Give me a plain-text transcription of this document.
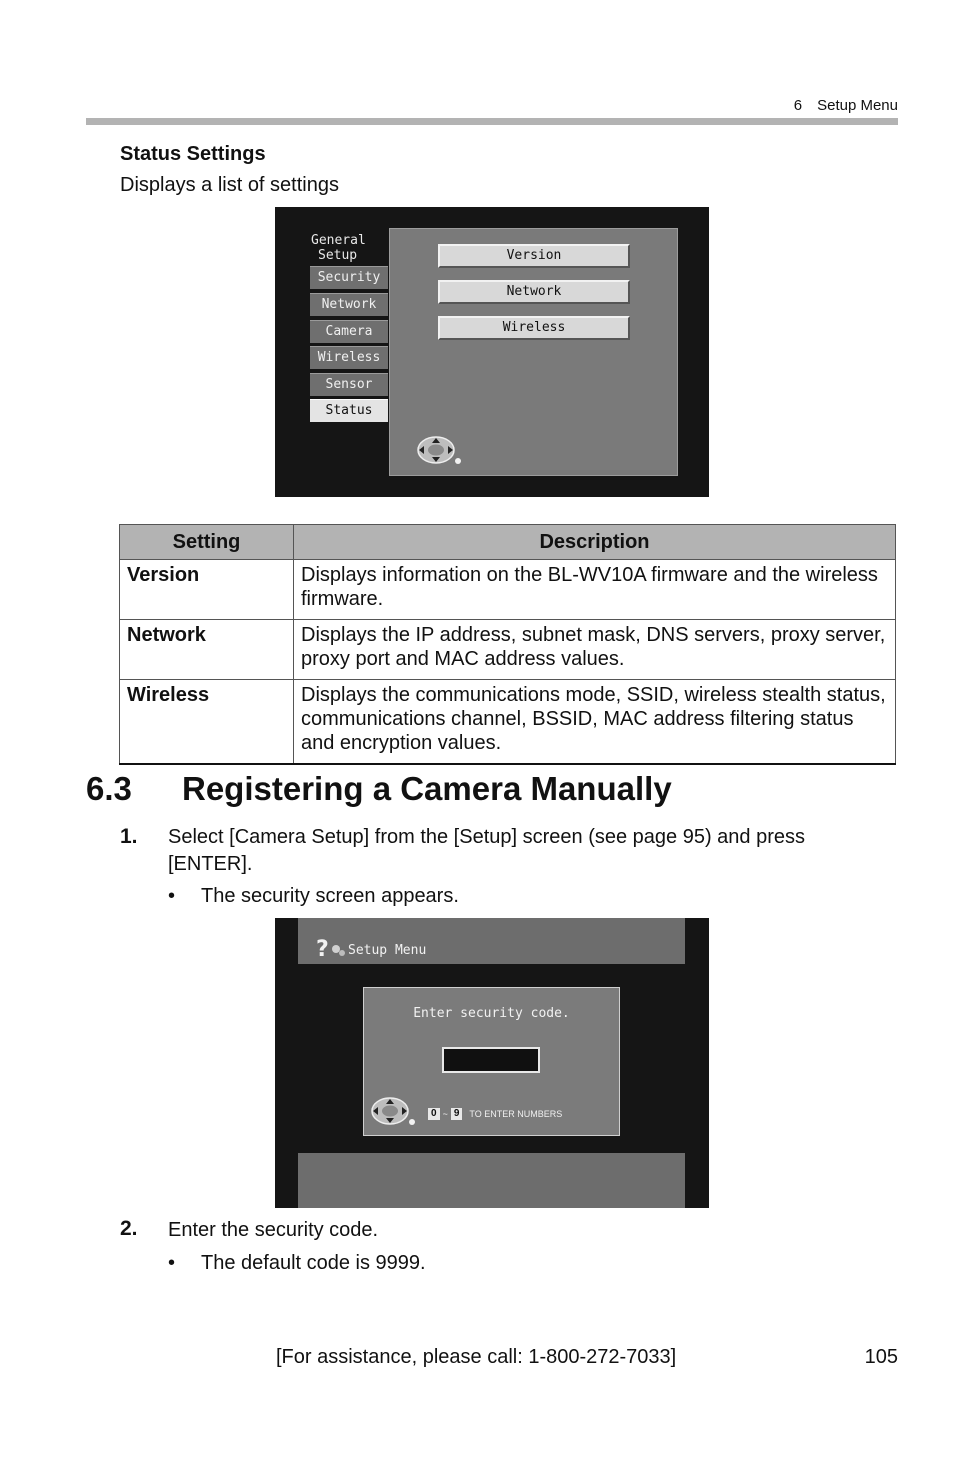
6 Setup Menu
Status Settings
Displays a list of settings
General
Setup
Security
Network
Camera
Wireless
Sensor
Status
Version
Network
Wireless
Setting	Description
Version	Displays information on the BL-WV10A firmware and the wireless firmware.
Network	Displays the IP address, subnet mask, DNS servers, proxy server, proxy port and MAC address values.
Wireless	Displays the communications mode, SSID, wireless stealth status, communications channel, BSSID, MAC address filtering status and encryption values.
6.3 Registering a Camera Manually
1. Select [Camera Setup] from the [Setup] screen (see page 95) and press [ENTER].
• The security screen appears.
? Setup Menu
Enter security code.
0 ~ 9	TO ENTER NUMBERS
2. Enter the security code.
• The default code is 9999.
[For assistance, please call: 1-800-272-7033]	105
